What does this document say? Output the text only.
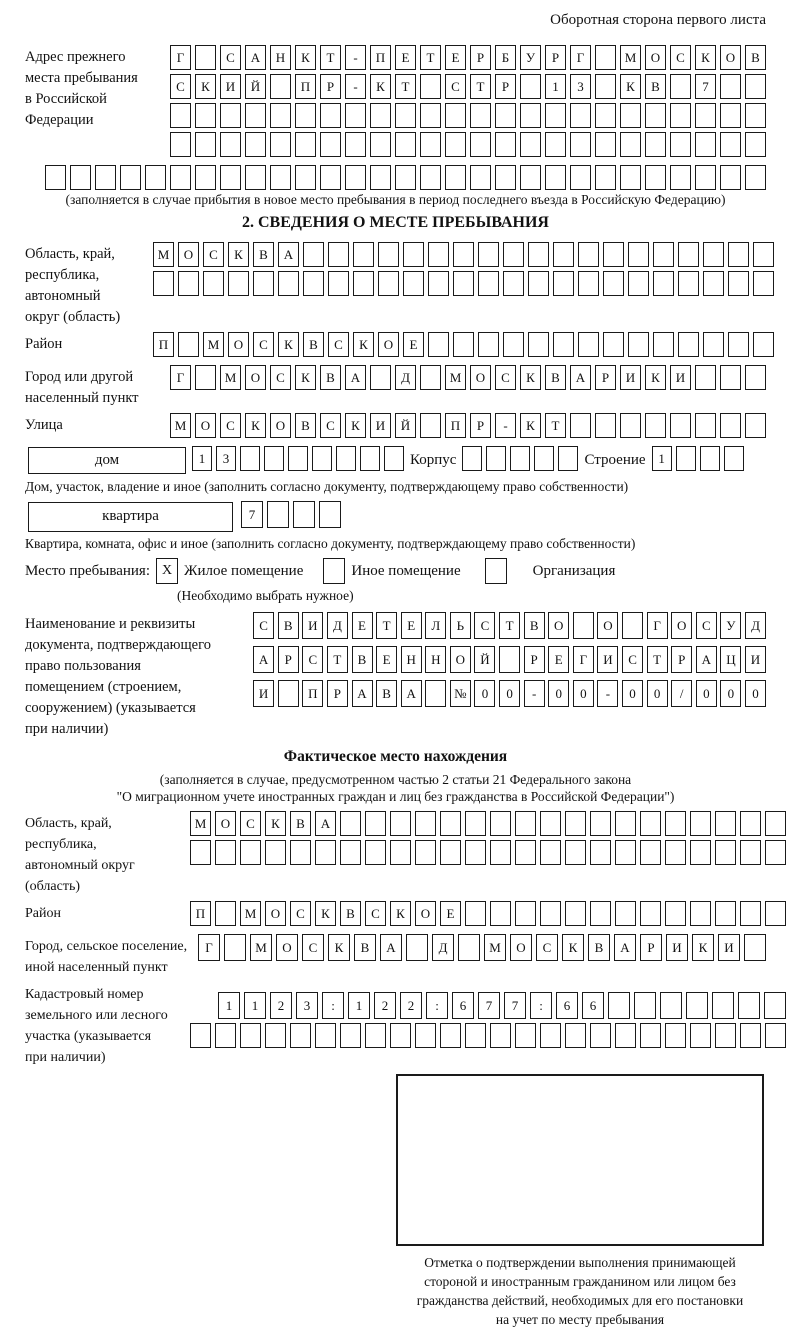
Оборотная сторона первого листа
Адрес прежнего
места пребывания
в Российской
Федерации
Г	С	А	Н	К	Т	-	П	Е	Т	Е	Р	Б	У	Р	Г	М	О	С	К	О	В
С	К	И	Й	П	Р	-	К	Т	С	Т	Р	1	3	К	В	7
(заполняется в случае прибытия в новое место пребывания в период последнего въезда в Российскую Федерацию)
2. СВЕДЕНИЯ О МЕСТЕ ПРЕБЫВАНИЯ
Область, край,
республика,
автономный
округ (область)
М	О	С	К	В	А
Район	П	М	О	С	К	В	С	К	О	Е
Город или другой
населенный пункт
Г	М	О	С	К	В	А	Д	М	О	С	К	В	А	Р	И	К	И
Улица	М	О	С	К	О	В	С	К	И	Й	П	Р	-	К	Т
дом	1	3	Корпус	Строение 1
Дом, участок, владение и иное (заполнить согласно документу, подтверждающему право собственности)
квартира	7
Квартира, комната, офис и иное (заполнить согласно документу, подтверждающему право собственности)
Место пребывания: X Жилое помещение	Иное помещение	Организация
(Необходимо выбрать нужное)
Наименование и реквизиты
документа, подтверждающего
право пользования
помещением (строением,
сооружением) (указывается
при наличии)
С	В	И	Д	Е	Т	Е	Л	Ь	С	Т	В	О	О	Г	О	С	У	Д
А	Р	С	Т	В	Е	Н	Н	О	Й	Р	Е	Г	И	С	Т	Р	А	Ц	И
И	П	Р	А	В	А	№	0	0	-	0	0	-	0	0	/	0	0	0
Фактическое место нахождения
(заполняется в случае, предусмотренном частью 2 статьи 21 Федерального закона
"О миграционном учете иностранных граждан и лиц без гражданства в Российской Федерации")
Область, край,
республика,
автономный округ
(область)
М	О	С	К	В	А
Район	П	М	О	С	К	В	С	К	О	Е
Город, сельское поселение,
иной населенный пункт
Г	М	О	С	К	В	А	Д	М	О	С	К	В	А	Р	И	К	И
Кадастровый номер
земельного или лесного
участка (указывается
при наличии)
1	1	2	3	:	1	2	2	:	6	7	7	:	6	6
Отметка о подтверждении выполнения принимающей
стороной и иностранным гражданином или лицом без
гражданства действий, необходимых для его постановки
на учет по месту пребывания
